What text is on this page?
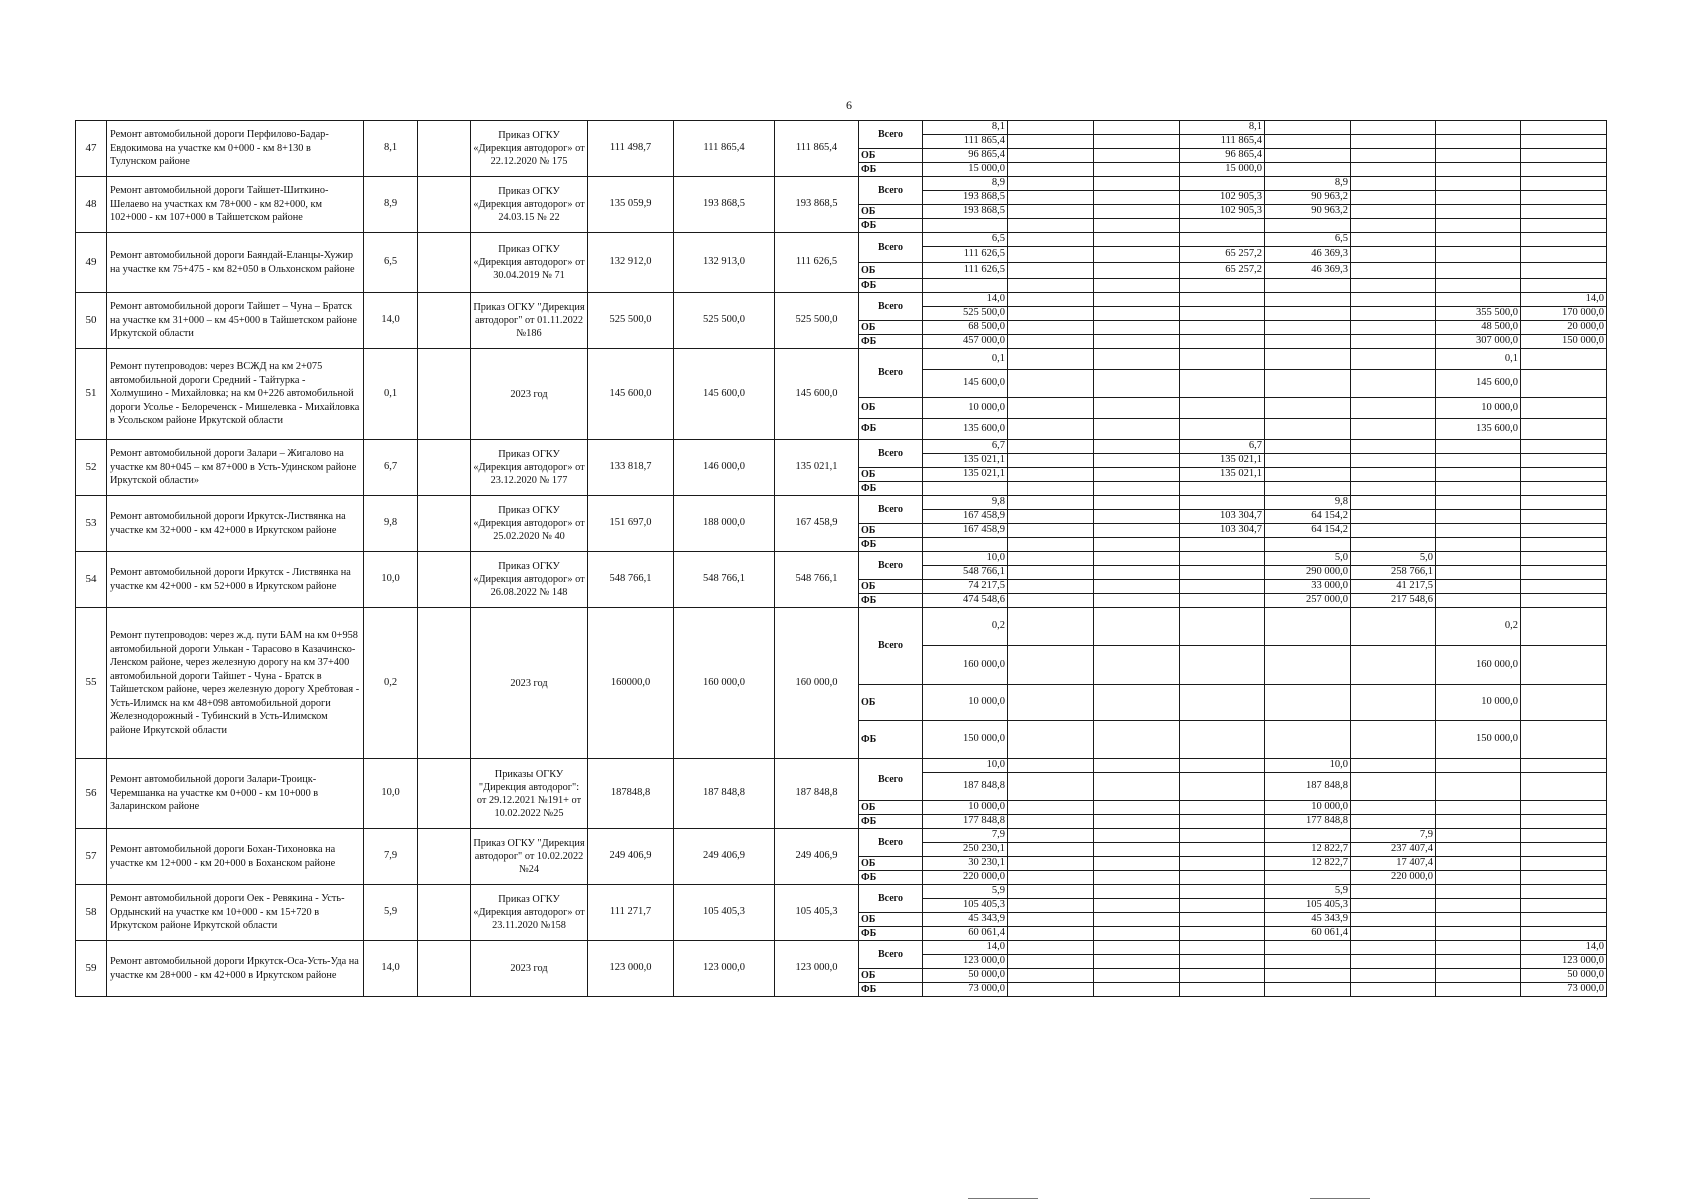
6
47	Ремонт автомобильной дороги Перфилово-Бадар-Евдокимова на участке км 0+000 - км 8+130 в Тулунском районе	8,1		Приказ ОГКУ «Дирекция автодорог» от 22.12.2020 № 175	111 498,7	111 865,4	111 865,4	Всего	8,1			8,1				
									111 865,4			111 865,4				
								ОБ	96 865,4			96 865,4				
								ФБ	15 000,0			15 000,0				
48	Ремонт автомобильной дороги Тайшет-Шиткино-Шелаево на участках км 78+000 - км 82+000, км 102+000 - км 107+000 в Тайшетском районе	8,9		Приказ ОГКУ «Дирекция автодорог» от 24.03.15 № 22	135 059,9	193 868,5	193 868,5	Всего	8,9				8,9			
									193 868,5			102 905,3	90 963,2			
								ОБ	193 868,5			102 905,3	90 963,2			
								ФБ								
49	Ремонт автомобильной дороги Баяндай-Еланцы-Хужир на участке км 75+475 - км 82+050 в Ольхонском районе	6,5		Приказ ОГКУ «Дирекция автодорог» от 30.04.2019 № 71	132 912,0	132 913,0	111 626,5	Всего	6,5				6,5			
									111 626,5			65 257,2	46 369,3			
								ОБ	111 626,5			65 257,2	46 369,3			
								ФБ								
50	Ремонт автомобильной дороги Тайшет – Чуна – Братск на участке км 31+000 – км 45+000 в Тайшетском районе Иркутской области	14,0		Приказ ОГКУ "Дирекция автодорог" от 01.11.2022 №186	525 500,0	525 500,0	525 500,0	Всего	14,0							14,0
									525 500,0						355 500,0	170 000,0
								ОБ	68 500,0						48 500,0	20 000,0
								ФБ	457 000,0						307 000,0	150 000,0
51	Ремонт путепроводов: через ВСЖД на км 2+075 автомобильной дороги Средний - Тайтурка - Холмушино - Михайловка; на км 0+226 автомобильной дороги Усолье - Белореченск - Мишелевка - Михайловка в Усольском районе Иркутской области	0,1		2023 год	145 600,0	145 600,0	145 600,0	Всего	0,1						0,1	
									145 600,0						145 600,0	
								ОБ	10 000,0						10 000,0	
								ФБ	135 600,0						135 600,0	
52	Ремонт автомобильной дороги Залари – Жигалово на участке км 80+045 – км 87+000 в Усть-Удинском районе Иркутской области»	6,7		Приказ ОГКУ «Дирекция автодорог» от 23.12.2020 № 177	133 818,7	146 000,0	135 021,1	Всего	6,7			6,7				
									135 021,1			135 021,1				
								ОБ	135 021,1			135 021,1				
								ФБ								
53	Ремонт автомобильной дороги Иркутск-Листвянка на участке км 32+000 - км 42+000 в Иркутском районе	9,8		Приказ ОГКУ «Дирекция автодорог» от 25.02.2020 № 40	151 697,0	188 000,0	167 458,9	Всего	9,8				9,8			
									167 458,9			103 304,7	64 154,2			
								ОБ	167 458,9			103 304,7	64 154,2			
								ФБ								
54	Ремонт автомобильной дороги Иркутск - Листвянка на участке км 42+000 - км 52+000 в Иркутском районе	10,0		Приказ ОГКУ «Дирекция автодорог» от 26.08.2022 № 148	548 766,1	548 766,1	548 766,1	Всего	10,0				5,0	5,0		
									548 766,1				290 000,0	258 766,1		
								ОБ	74 217,5				33 000,0	41 217,5		
								ФБ	474 548,6				257 000,0	217 548,6		
55	Ремонт путепроводов: через ж.д. пути БАМ на км 0+958 автомобильной дороги Улькан - Тарасово в Казачинско-Ленском районе, через железную дорогу на км 37+400 автомобильной дороги Тайшет - Чуна - Братск в Тайшетском районе, через железную дорогу Хребтовая - Усть-Илимск на км 48+098 автомобильной дороги Железнодорожный - Тубинский в Усть-Илимском районе Иркутской области	0,2		2023 год	160000,0	160 000,0	160 000,0	Всего	0,2						0,2	
									160 000,0						160 000,0	
								ОБ	10 000,0						10 000,0	
								ФБ	150 000,0						150 000,0	
56	Ремонт автомобильной дороги Залари-Троицк-Черемшанка на участке км 0+000 - км 10+000 в Заларинском районе	10,0		Приказы ОГКУ "Дирекция автодорог": от 29.12.2021 №191+ от 10.02.2022 №25	187848,8	187 848,8	187 848,8	Всего	10,0				10,0			
									187 848,8				187 848,8			
								ОБ	10 000,0				10 000,0			
								ФБ	177 848,8				177 848,8			
57	Ремонт автомобильной дороги Бохан-Тихоновка на участке км 12+000 - км 20+000 в Боханском районе	7,9		Приказ ОГКУ "Дирекция автодорог" от 10.02.2022 №24	249 406,9	249 406,9	249 406,9	Всего	7,9					7,9		
									250 230,1				12 822,7	237 407,4		
								ОБ	30 230,1				12 822,7	17 407,4		
								ФБ	220 000,0					220 000,0		
58	Ремонт автомобильной дороги Оек - Ревякина - Усть-Ордынский на участке км 10+000 - км 15+720 в Иркутском районе Иркутской области	5,9		Приказ ОГКУ «Дирекция автодорог» от 23.11.2020 №158	111 271,7	105 405,3	105 405,3	Всего	5,9				5,9			
									105 405,3				105 405,3			
								ОБ	45 343,9				45 343,9			
								ФБ	60 061,4				60 061,4			
59	Ремонт автомобильной дороги Иркутск-Оса-Усть-Уда на участке км 28+000 - км 42+000 в Иркутском районе	14,0		2023 год	123 000,0	123 000,0	123 000,0	Всего	14,0							14,0
									123 000,0							123 000,0
								ОБ	50 000,0							50 000,0
								ФБ	73 000,0							73 000,0
